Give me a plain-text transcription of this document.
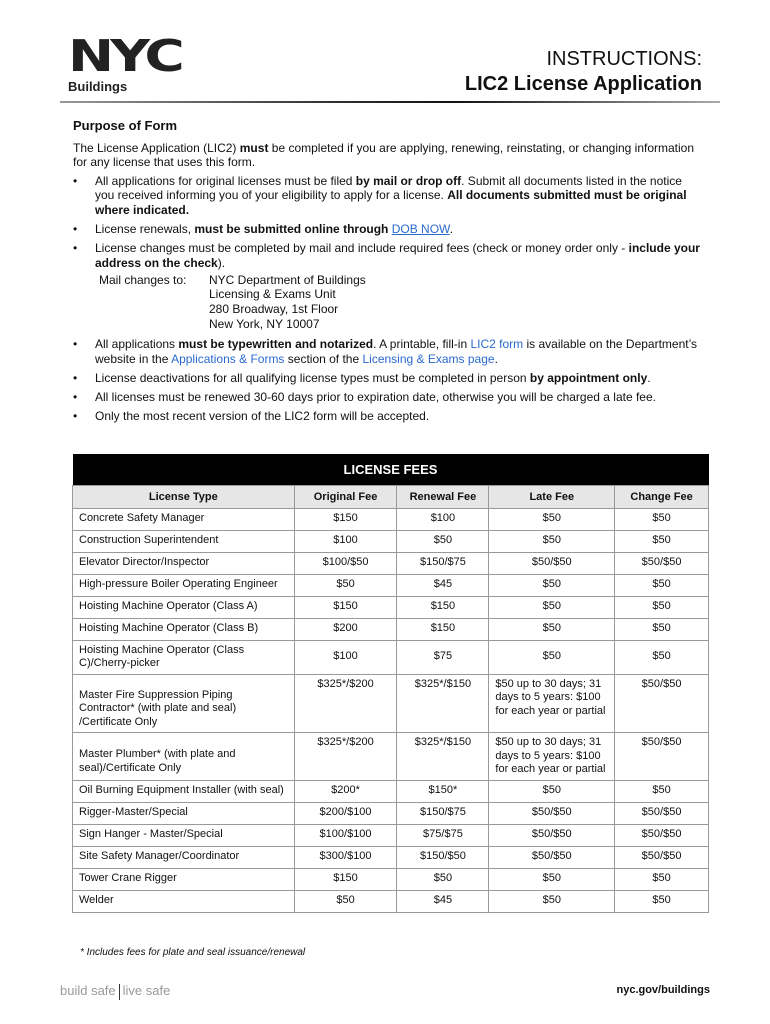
NYC
Buildings
INSTRUCTIONS:
LIC2 License Application
Purpose of Form

The License Application (LIC2) must be completed if you are applying, renewing, reinstating, or changing information for any license that uses this form.

• All applications for original licenses must be filed by mail or drop off. Submit all documents listed in the notice you received informing you of your eligibility to apply for a license. All documents submitted must be original where indicated.
• License renewals, must be submitted online through DOB NOW.
• License changes must be completed by mail and include required fees (check or money order only - include your address on the check).
Mail changes to:	NYC Department of Buildings
Licensing & Exams Unit
280 Broadway, 1st Floor
New York, NY 10007
• All applications must be typewritten and notarized. A printable, fill-in LIC2 form is available on the Department’s website in the Applications & Forms section of the Licensing & Exams page.
• License deactivations for all qualifying license types must be completed in person by appointment only.
• All licenses must be renewed 30-60 days prior to expiration date, otherwise you will be charged a late fee.
• Only the most recent version of the LIC2 form will be accepted.
LICENSE FEES				
License Type	Original Fee	Renewal Fee	Late Fee	Change Fee
Concrete Safety Manager	$150	$100	$50	$50
Construction Superintendent	$100	$50	$50	$50
Elevator Director/Inspector	$100/$50	$150/$75	$50/$50	$50/$50
High-pressure Boiler Operating Engineer	$50	$45	$50	$50
Hoisting Machine Operator (Class A)	$150	$150	$50	$50
Hoisting Machine Operator (Class B)	$200	$150	$50	$50
Hoisting Machine Operator (Class C)/Cherry-picker	$100	$75	$50	$50
Master Fire Suppression Piping Contractor* (with plate and seal) /Certificate Only	$325*/$200	$325*/$150	$50 up to 30 days; 31 days to 5 years: $100 for each year or partial	$50/$50
Master Plumber* (with plate and seal)/Certificate Only	$325*/$200	$325*/$150	$50 up to 30 days; 31 days to 5 years: $100 for each year or partial	$50/$50
Oil Burning Equipment Installer (with seal)	$200*	$150*	$50	$50
Rigger-Master/Special	$200/$100	$150/$75	$50/$50	$50/$50
Sign Hanger - Master/Special	$100/$100	$75/$75	$50/$50	$50/$50
Site Safety Manager/Coordinator	$300/$100	$150/$50	$50/$50	$50/$50
Tower Crane Rigger	$150	$50	$50	$50
Welder	$50	$45	$50	$50
* Includes fees for plate and seal issuance/renewal
build safe live safe	nyc.gov/buildings
